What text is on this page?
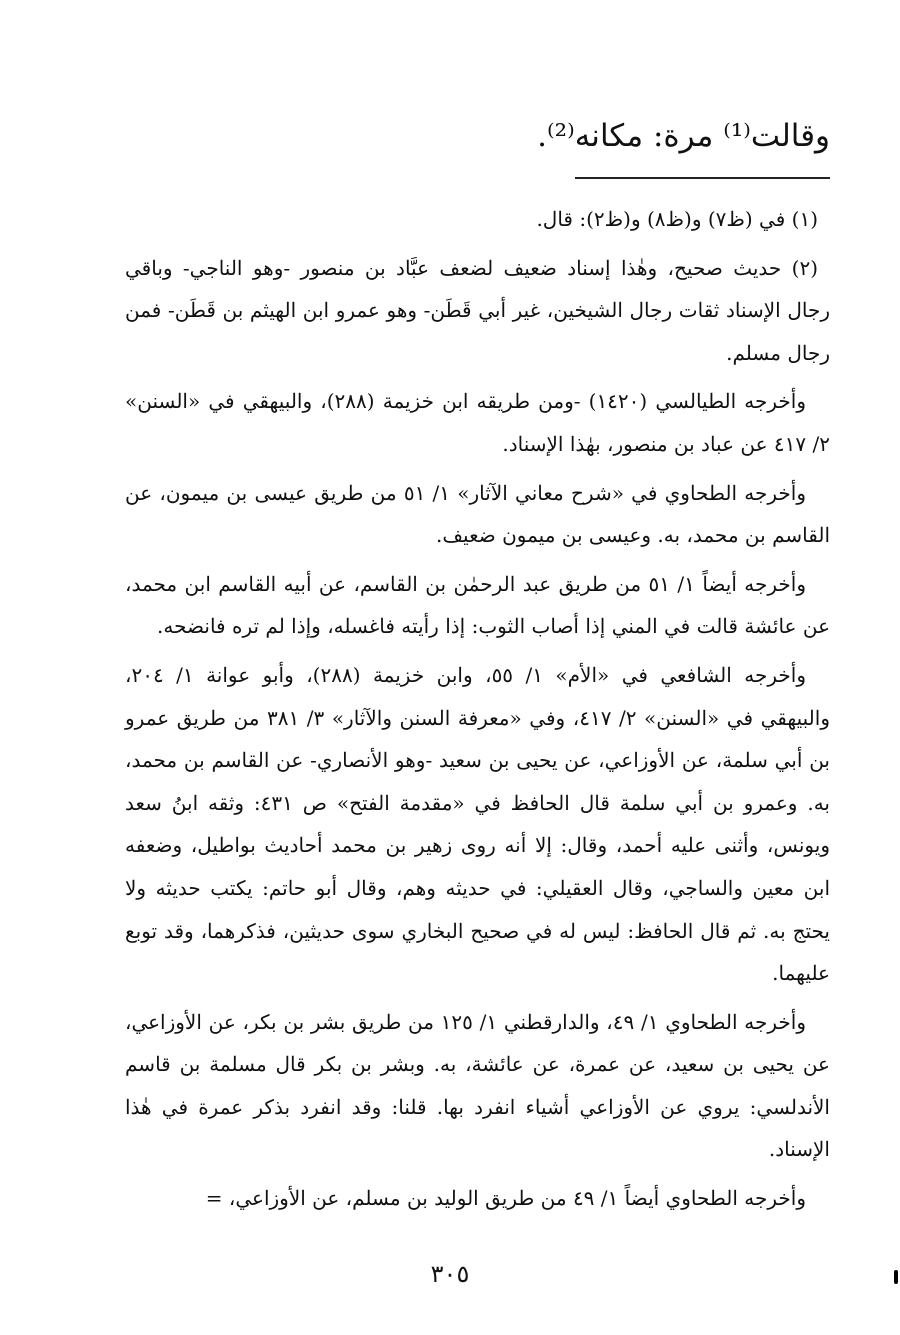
وقالت⁽¹⁾ مرة: مكانه⁽²⁾.

(١) في (ظ٧) و(ظ٨) و(ظ٢): قال.

(٢) حديث صحيح، وهٰذا إسناد ضعيف لضعف عبَّاد بن منصور -وهو الناجي- وباقي رجال الإسناد ثقات رجال الشيخين، غير أبي قَطَن- وهو عمرو ابن الهيثم بن قَطَن- فمن رجال مسلم.

وأخرجه الطيالسي (١٤٢٠) -ومن طريقه ابن خزيمة (٢٨٨)، والبيهقي في «السنن» ٢/ ٤١٧ عن عباد بن منصور، بهٰذا الإسناد.

وأخرجه الطحاوي في «شرح معاني الآثار» ١/ ٥١ من طريق عيسى بن ميمون، عن القاسم بن محمد، به. وعيسى بن ميمون ضعيف.

وأخرجه أيضاً ١/ ٥١ من طريق عبد الرحمٰن بن القاسم، عن أبيه القاسم ابن محمد، عن عائشة قالت في المني إذا أصاب الثوب: إذا رأيته فاغسله، وإذا لم تره فانضحه.

وأخرجه الشافعي في «الأم» ١/ ٥٥، وابن خزيمة (٢٨٨)، وأبو عوانة ١/ ٢٠٤، والبيهقي في «السنن» ٢/ ٤١٧، وفي «معرفة السنن والآثار» ٣/ ٣٨١ من طريق عمرو بن أبي سلمة، عن الأوزاعي، عن يحيى بن سعيد -وهو الأنصاري- عن القاسم بن محمد، به. وعمرو بن أبي سلمة قال الحافظ في «مقدمة الفتح» ص ٤٣١: وثقه ابنُ سعد ويونس، وأثنى عليه أحمد، وقال: إلا أنه روى زهير بن محمد أحاديث بواطيل، وضعفه ابن معين والساجي، وقال العقيلي: في حديثه وهم، وقال أبو حاتم: يكتب حديثه ولا يحتج به. ثم قال الحافظ: ليس له في صحيح البخاري سوى حديثين، فذكرهما، وقد توبع عليهما.

وأخرجه الطحاوي ١/ ٤٩، والدارقطني ١/ ١٢٥ من طريق بشر بن بكر، عن الأوزاعي، عن يحيى بن سعيد، عن عمرة، عن عائشة، به. وبشر بن بكر قال مسلمة بن قاسم الأندلسي: يروي عن الأوزاعي أشياء انفرد بها. قلنا: وقد انفرد بذكر عمرة في هٰذا الإسناد.

وأخرجه الطحاوي أيضاً ١/ ٤٩ من طريق الوليد بن مسلم، عن الأوزاعي، =

٣٠٥
